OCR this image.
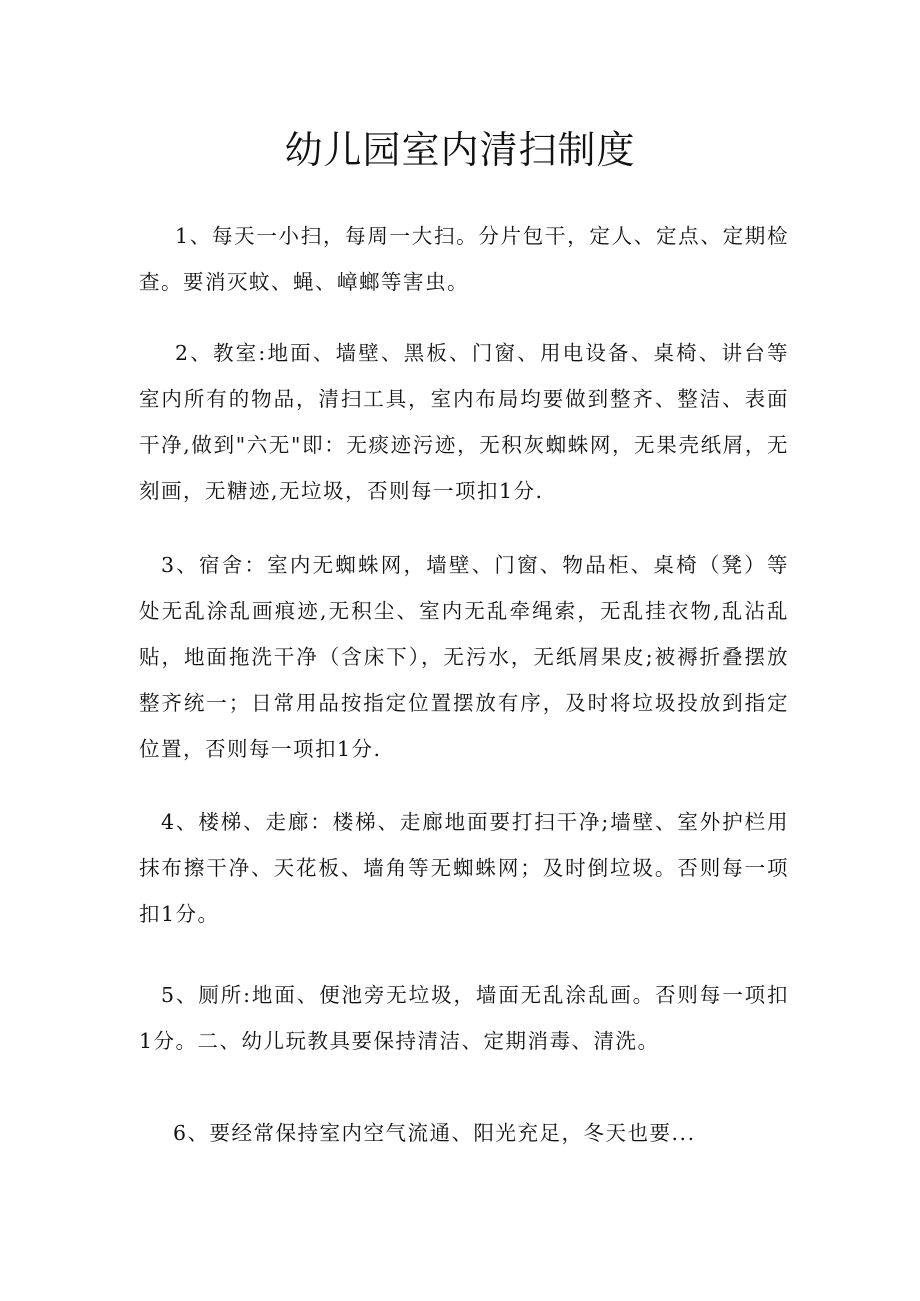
幼儿园室内清扫制度

1、每天一小扫，每周一大扫。分片包干，定人、定点、定期检查。要消灭蚊、蝇、嶂螂等害虫。

2、教室:地面、墙壁、黑板、门窗、用电设备、桌椅、讲台等室内所有的物品，清扫工具，室内布局均要做到整齐、整洁、表面干净,做到"六无"即：无痰迹污迹，无积灰蜘蛛网，无果壳纸屑，无刻画，无糖迹,无垃圾，否则每一项扣1分.

3、宿舍：室内无蜘蛛网，墙壁、门窗、物品柜、桌椅（凳）等处无乱涂乱画痕迹,无积尘、室内无乱牵绳索，无乱挂衣物,乱沾乱贴，地面拖洗干净（含床下），无污水，无纸屑果皮;被褥折叠摆放整齐统一；日常用品按指定位置摆放有序，及时将垃圾投放到指定位置，否则每一项扣1分.

4、楼梯、走廊：楼梯、走廊地面要打扫干净;墙壁、室外护栏用抹布擦干净、天花板、墙角等无蜘蛛网；及时倒垃圾。否则每一项扣1分。

5、厕所:地面、便池旁无垃圾，墙面无乱涂乱画。否则每一项扣1分。二、幼儿玩教具要保持清洁、定期消毒、清洗。

6、要经常保持室内空气流通、阳光充足，冬天也要...
